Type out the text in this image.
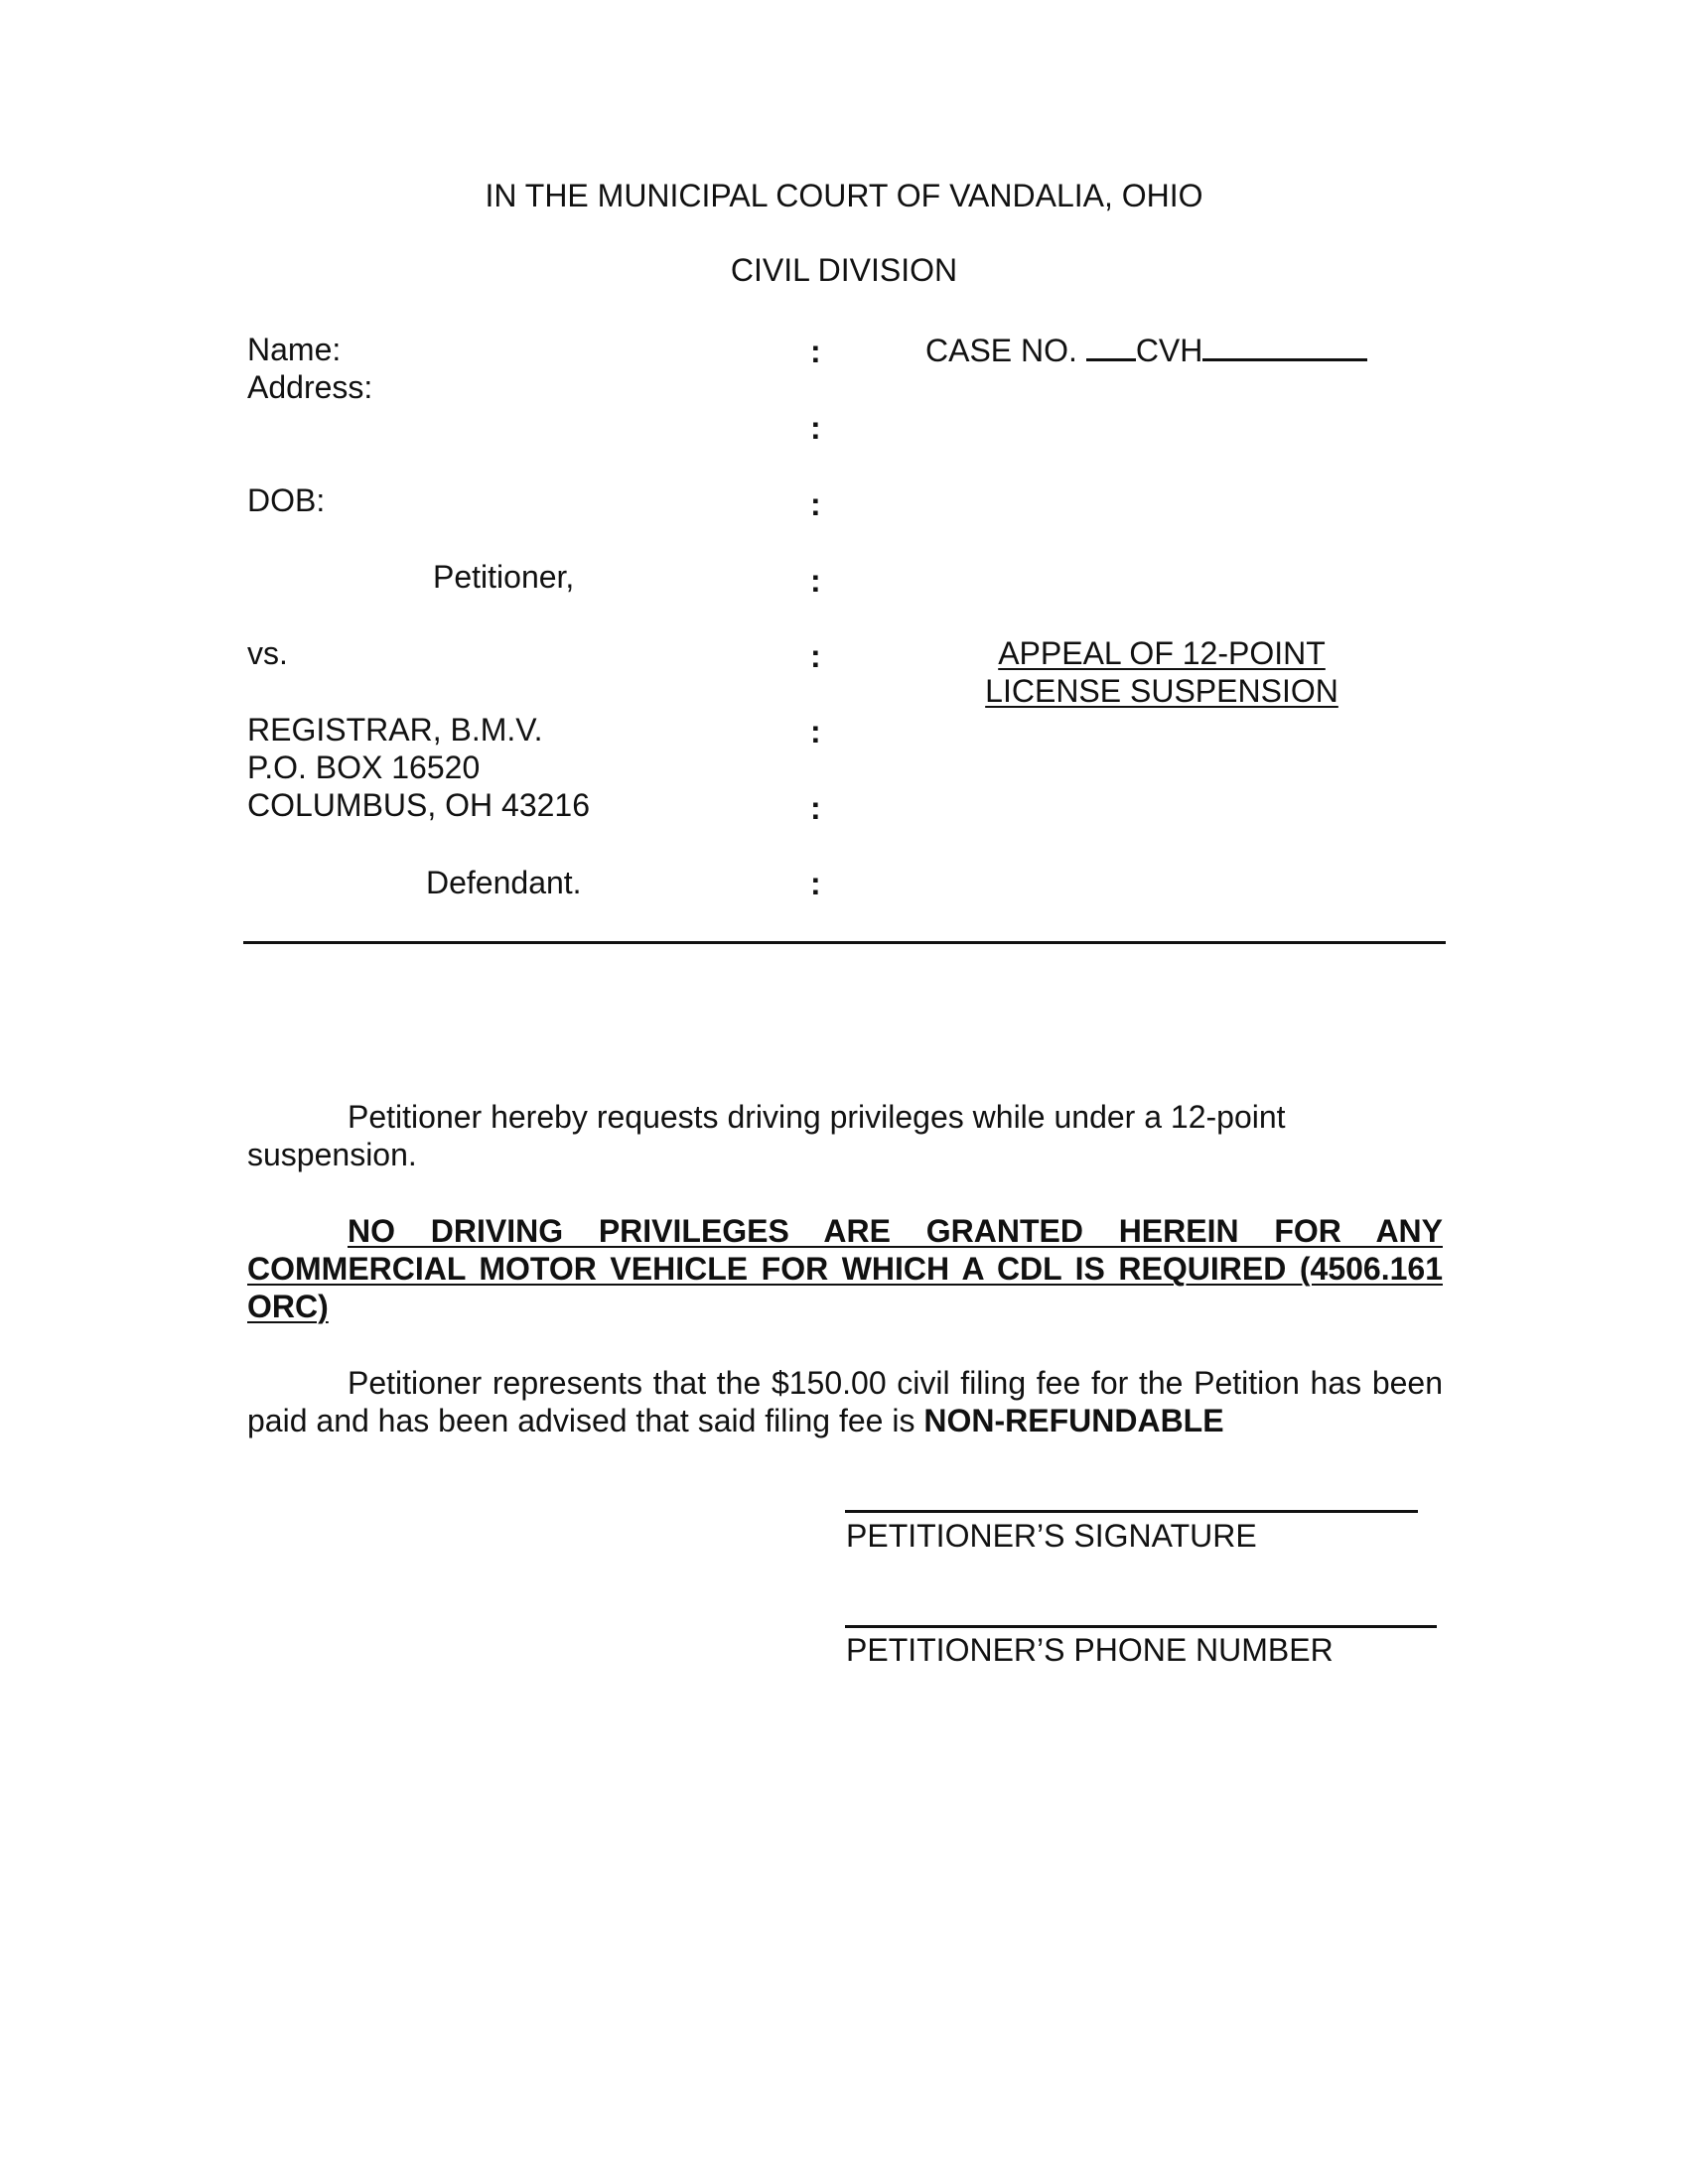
IN THE MUNICIPAL COURT OF VANDALIA, OHIO
CIVIL DIVISION
Name:
Address:
DOB:
Petitioner,
vs.
REGISTRAR, B.M.V.
P.O. BOX 16520
COLUMBUS, OH 43216
Defendant.
:
:
:
:
:
:
:
:
CASE NO. CVH
APPEAL OF 12-POINT
LICENSE SUSPENSION
Petitioner hereby requests driving privileges while under a 12-point suspension.
NO DRIVING PRIVILEGES ARE GRANTED HEREIN FOR ANY COMMERCIAL MOTOR VEHICLE FOR WHICH A CDL IS REQUIRED (4506.161 ORC)
Petitioner represents that the $150.00 civil filing fee for the Petition has been paid and has been advised that said filing fee is NON-REFUNDABLE
PETITIONER’S SIGNATURE
PETITIONER’S PHONE NUMBER
